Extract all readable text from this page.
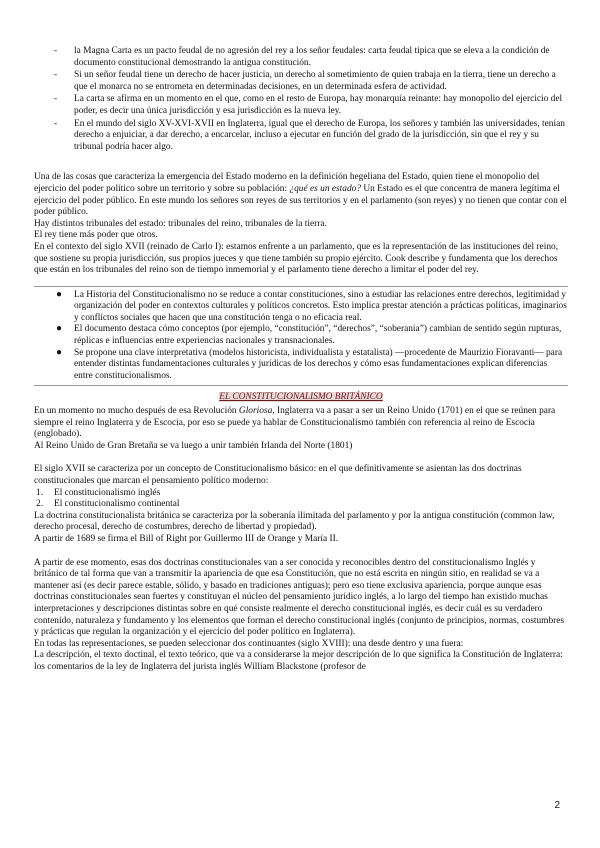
- la Magna Carta es un pacto feudal de no agresión del rey a los señor feudales: carta feudal típica que se eleva a la condición de documento constitucional demostrando la antigua constitución.
- Si un señor feudal tiene un derecho de hacer justicia, un derecho al sometimiento de quien trabaja en la tierra, tiene un derecho a que el monarca no se entrometa en determinadas decisiones, en un determinada esfera de actividad.
- La carta se afirma en un momento en el que, como en el resto de Europa, hay monarquía reinante: hay monopolio del ejercicio del poder, es decir una única jurisdicción y esa jurisdicción es la nueva ley.
- En el mundo del siglo XV-XVI-XVII en Inglaterra, igual que el derecho de Europa, los señores y también las universidades, tenían derecho a enjuiciar, a dar derecho, a encarcelar, incluso a ejecutar en función del grado de la jurisdicción, sin que el rey y su tribunal podría hacer algo.

Una de las cosas que caracteriza la emergencia del Estado moderno en la definición hegeliana del Estado, quien tiene el monopolio del ejercicio del poder político sobre un territorio y sobre su población: ¿qué es un estado? Un Estado es el que concentra de manera legítima el ejercicio del poder público. En este mundo los señores son reyes de sus territorios y en el parlamento (son reyes) y no tienen que contar con el poder público.

Hay distintos tribunales del estado: tribunales del reino, tribunales de la tierra.

El rey tiene más poder que otros.

En el contexto del siglo XVII (reinado de Carlo I): estamos enfrente a un parlamento, que es la representación de las instituciones del reino, que sostiene su propia jurisdicción, sus propios jueces y que tiene también su propio ejército. Cook describe y fundamenta que los derechos que están en los tribunales del reino son de tiempo inmemorial y el parlamento tiene derecho a limitar el poder del rey.

● La Historia del Constitucionalismo no se reduce a contar constituciones, sino a estudiar las relaciones entre derechos, legitimidad y organización del poder en contextos culturales y políticos concretos. Esto implica prestar atención a prácticas políticas, imaginarios y conflictos sociales que hacen que una constitución tenga o no eficacia real.
● El documento destaca cómo conceptos (por ejemplo, “constitución”, “derechos”, “soberanía”) cambian de sentido según rupturas, réplicas e influencias entre experiencias nacionales y transnacionales.
● Se propone una clave interpretativa (modelos historicista, individualista y estatalista) —procedente de Maurizio Fioravanti— para entender distintas fundamentaciones culturales y jurídicas de los derechos y cómo esas fundamentaciones explican diferencias entre constitucionalismos.
EL CONSTITUCIONALISMO BRITÁNICO

En un momento no mucho después de esa Revolución Gloriosa, Inglaterra va a pasar a ser un Reino Unido (1701) en el que se reúnen para siempre el reino Inglaterra y de Escocia, por eso se puede ya hablar de Constitucionalismo también con referencia al reino de Escocia (englobado).

Al Reino Unido de Gran Bretaña se va luego a unir también Irlanda del Norte (1801)

El siglo XVII se caracteriza por un concepto de Constitucionalismo básico: en el que definitivamente se asientan las dos doctrinas constitucionales que marcan el pensamiento político moderno:

1. El constitucionalismo inglés
2. El constitucionalismo continental

La doctrina constitucionalista británica se caracteriza por la soberanía ilimitada del parlamento y por la antigua constitución (common law, derecho procesal, derecho de costumbres, derecho de libertad y propiedad).

A partir de 1689 se firma el Bill of Right por Guillermo III de Orange y María II.

A partir de ese momento, esas dos doctrinas constitucionales van a ser conocida y reconocibles dentro del constitucionalismo Inglés y británico de tal forma que van a transmitir la apariencia de que esa Constitución, que no está escrita en ningún sitio, en realidad se va a mantener así (es decir parece estable, sólido, y basado en tradiciones antiguas); pero eso tiene exclusiva apariencia, porque aunque esas doctrinas constitucionales sean fuertes y constituyan el núcleo del pensamiento jurídico inglés, a lo largo del tiempo han existido muchas interpretaciones y descripciones distintas sobre en qué consiste realmente el derecho constitucional inglés, es decir cuál es su verdadero contenido, naturaleza y fundamento y los elementos que forman el derecho constitucional inglés (conjunto de principios, normas, costumbres y prácticas que regulan la organización y el ejercicio del poder político en Inglaterra).

En todas las representaciones, se pueden seleccionar dos continuantes (siglo XVIII): una desde dentro y una fuera:

La descripción, el texto doctinal, el texto teórico, que va a considerarse la mejor descripción de lo que significa la Constitución de Inglaterra: los comentarios de la ley de Inglaterra del jurista inglés William Blackstone (profesor de

2
